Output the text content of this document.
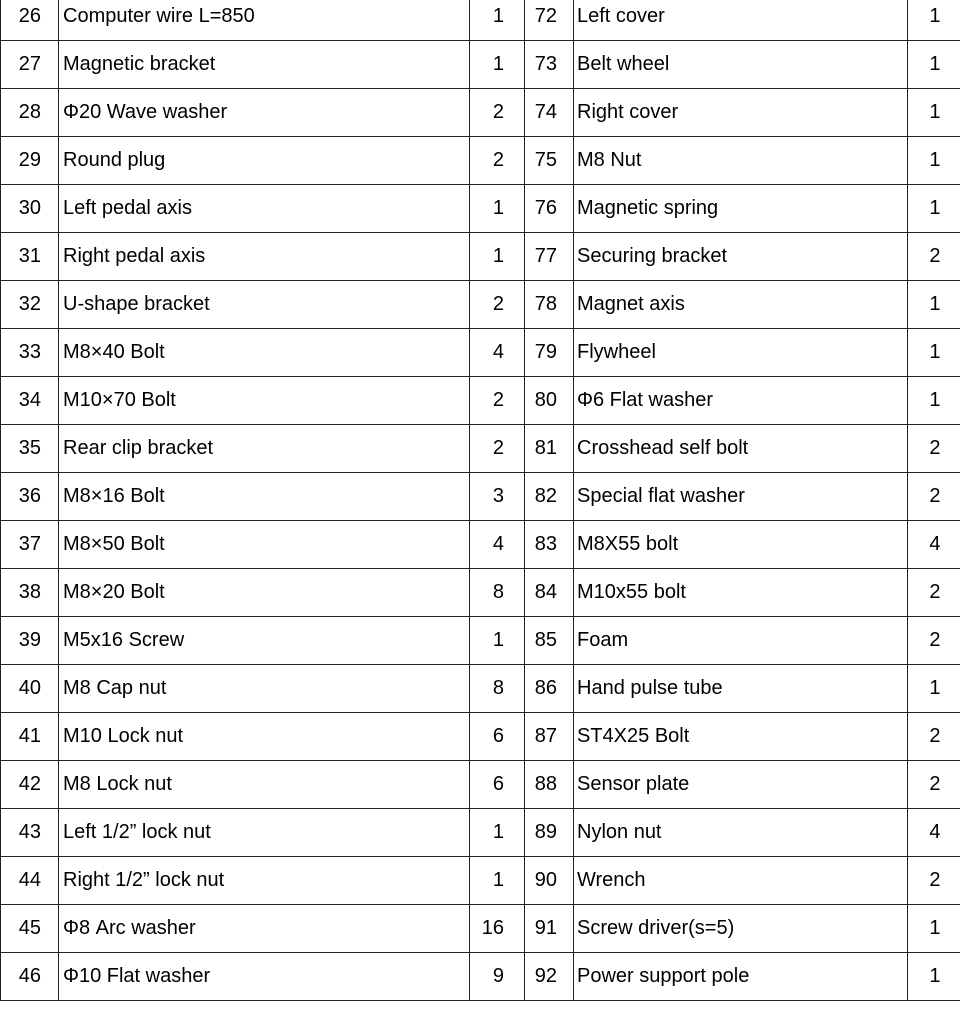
26	Computer wire L=850	1	72	Left cover	1
27	Magnetic bracket	1	73	Belt wheel	1
28	Φ20 Wave washer	2	74	Right cover	1
29	Round plug	2	75	M8 Nut	1
30	Left pedal axis	1	76	Magnetic spring	1
31	Right pedal axis	1	77	Securing bracket	2
32	U-shape bracket	2	78	Magnet axis	1
33	M8×40 Bolt	4	79	Flywheel	1
34	M10×70 Bolt	2	80	Φ6 Flat washer	1
35	Rear clip bracket	2	81	Crosshead self bolt	2
36	M8×16 Bolt	3	82	Special flat washer	2
37	M8×50 Bolt	4	83	M8X55 bolt	4
38	M8×20 Bolt	8	84	M10x55 bolt	2
39	M5x16 Screw	1	85	Foam	2
40	M8 Cap nut	8	86	Hand pulse tube	1
41	M10 Lock nut	6	87	ST4X25 Bolt	2
42	M8 Lock nut	6	88	Sensor plate	2
43	Left 1/2” lock nut	1	89	Nylon nut	4
44	Right 1/2” lock nut	1	90	Wrench	2
45	Φ8 Arc washer	16	91	Screw driver(s=5)	1
46	Φ10 Flat washer	9	92	Power support pole	1
